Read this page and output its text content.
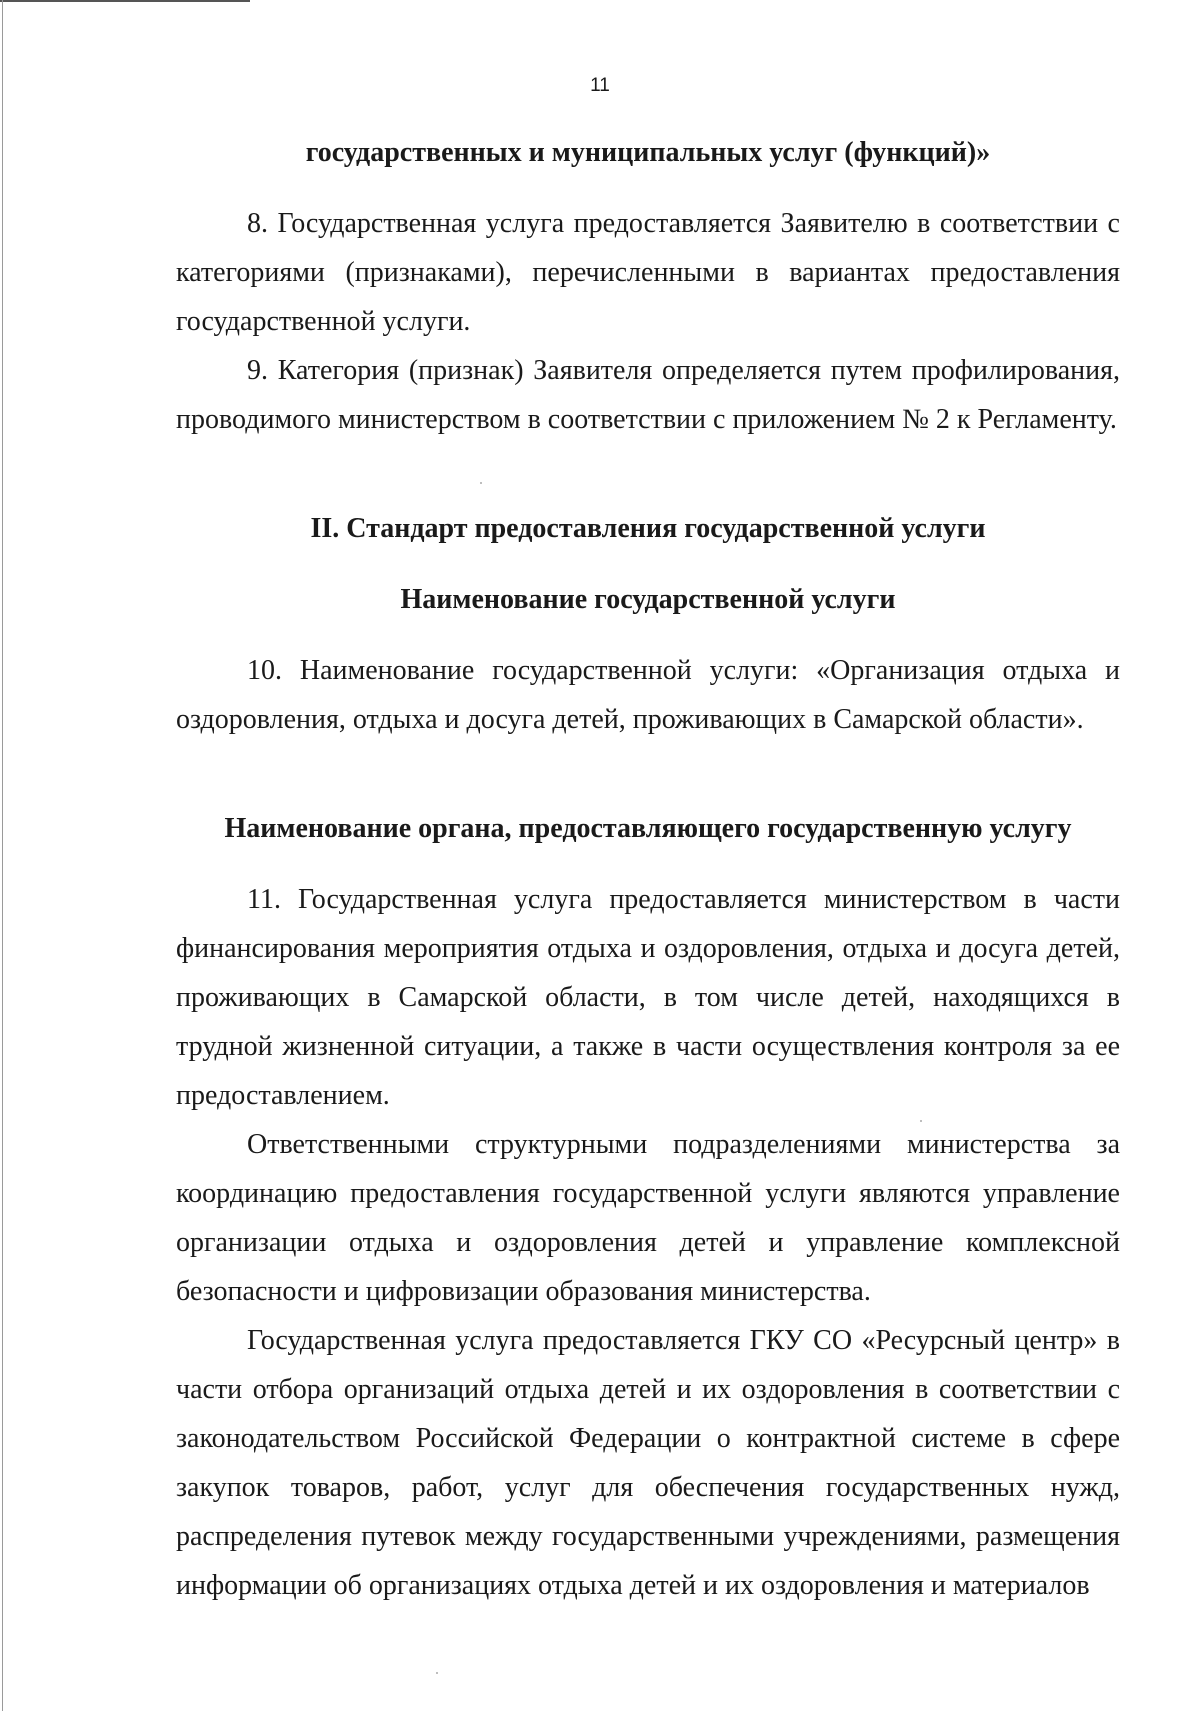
11

государственных и муниципальных услуг (функций)»

8. Государственная услуга предоставляется Заявителю в соответствии с категориями (признаками), перечисленными в вариантах предоставления государственной услуги.

9. Категория (признак) Заявителя определяется путем профилирования, проводимого министерством в соответствии с приложением № 2 к Регламенту.

II. Стандарт предоставления государственной услуги

Наименование государственной услуги

10. Наименование государственной услуги: «Организация отдыха и оздоровления, отдыха и досуга детей, проживающих в Самарской области».

Наименование органа, предоставляющего государственную услугу

11. Государственная услуга предоставляется министерством в части финансирования мероприятия отдыха и оздоровления, отдыха и досуга детей, проживающих в Самарской области, в том числе детей, находящихся в трудной жизненной ситуации, а также в части осуществления контроля за ее предоставлением.

Ответственными структурными подразделениями министерства за координацию предоставления государственной услуги являются управление организации отдыха и оздоровления детей и управление комплексной безопасности и цифровизации образования министерства.

Государственная услуга предоставляется ГКУ СО «Ресурсный центр» в части отбора организаций отдыха детей и их оздоровления в соответствии с законодательством Российской Федерации о контрактной системе в сфере закупок товаров, работ, услуг для обеспечения государственных нужд, распределения путевок между государственными учреждениями, размещения информации об организациях отдыха детей и их оздоровления и материалов
